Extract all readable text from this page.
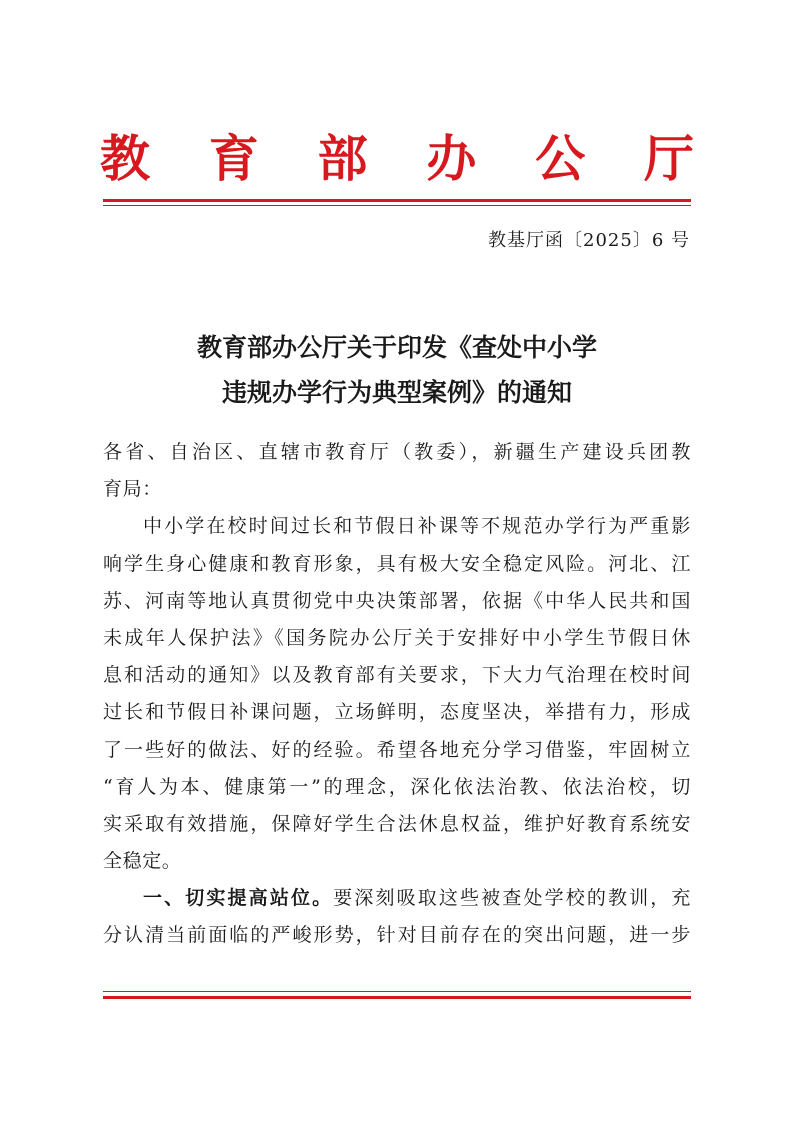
教 育 部 办 公 厅
教基厅函〔2025〕6 号
教育部办公厅关于印发《查处中小学
违规办学行为典型案例》的通知
各省、自治区、直辖市教育厅（教委），新疆生产建设兵团教
育局：
中小学在校时间过长和节假日补课等不规范办学行为严重影
响学生身心健康和教育形象，具有极大安全稳定风险。河北、江
苏、河南等地认真贯彻党中央决策部署，依据《中华人民共和国
未成年人保护法》《国务院办公厅关于安排好中小学生节假日休
息和活动的通知》以及教育部有关要求，下大力气治理在校时间
过长和节假日补课问题，立场鲜明，态度坚决，举措有力，形成
了一些好的做法、好的经验。希望各地充分学习借鉴，牢固树立
“育人为本、健康第一”的理念，深化依法治教、依法治校，切
实采取有效措施，保障好学生合法休息权益，维护好教育系统安
全稳定。
一、切实提高站位。要深刻吸取这些被查处学校的教训，充
分认清当前面临的严峻形势，针对目前存在的突出问题，进一步
